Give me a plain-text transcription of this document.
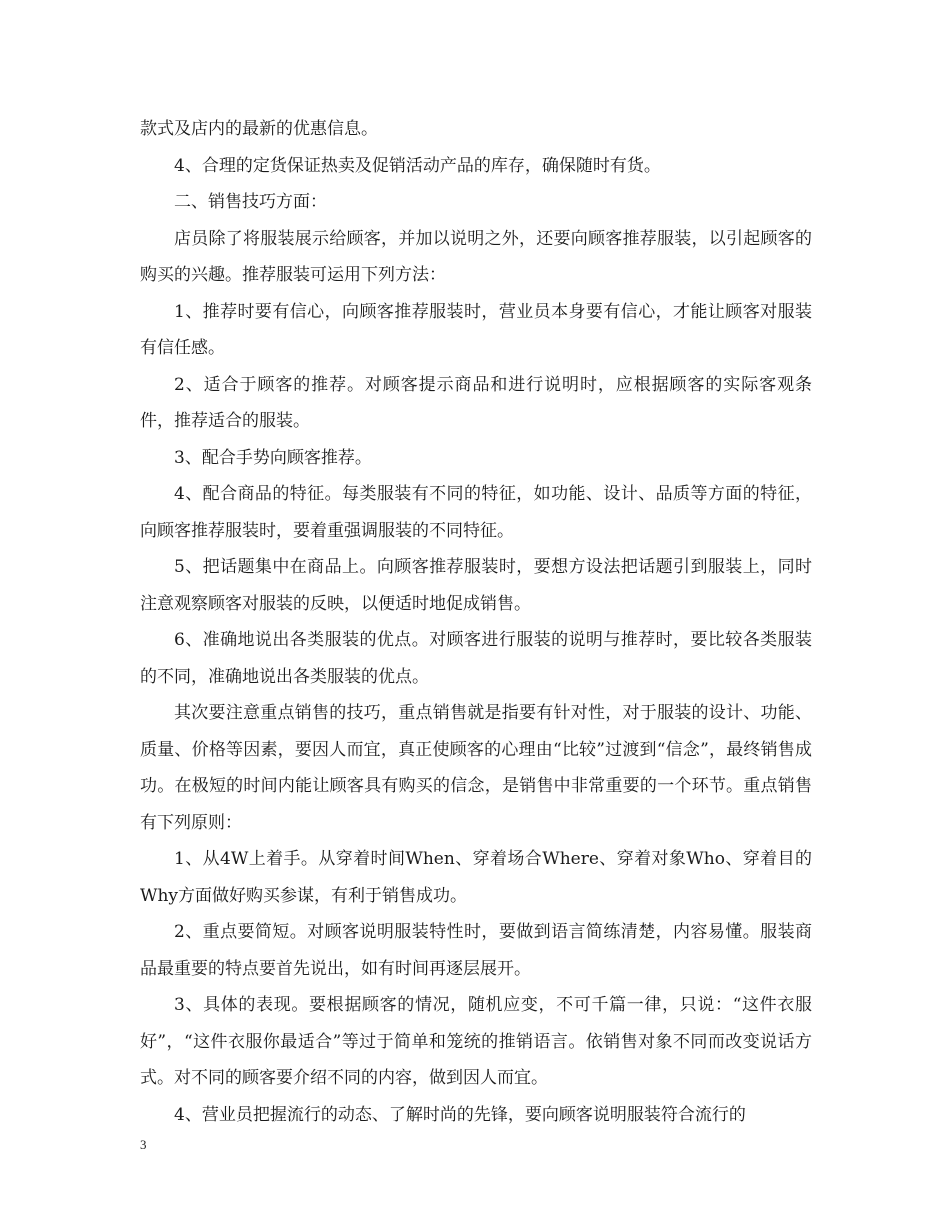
款式及店内的最新的优惠信息。

4、合理的定货保证热卖及促销活动产品的库存，确保随时有货。

二、销售技巧方面：

店员除了将服装展示给顾客，并加以说明之外，还要向顾客推荐服装，以引起顾客的购买的兴趣。推荐服装可运用下列方法：

1、推荐时要有信心，向顾客推荐服装时，营业员本身要有信心，才能让顾客对服装有信任感。

2、适合于顾客的推荐。对顾客提示商品和进行说明时，应根据顾客的实际客观条件，推荐适合的服装。

3、配合手势向顾客推荐。

4、配合商品的特征。每类服装有不同的特征，如功能、设计、品质等方面的特征，向顾客推荐服装时，要着重强调服装的不同特征。

5、把话题集中在商品上。向顾客推荐服装时，要想方设法把话题引到服装上，同时注意观察顾客对服装的反映，以便适时地促成销售。

6、准确地说出各类服装的优点。对顾客进行服装的说明与推荐时，要比较各类服装的不同，准确地说出各类服装的优点。

其次要注意重点销售的技巧，重点销售就是指要有针对性，对于服装的设计、功能、质量、价格等因素，要因人而宜，真正使顾客的心理由“比较”过渡到“信念”，最终销售成功。在极短的时间内能让顾客具有购买的信念，是销售中非常重要的一个环节。重点销售有下列原则：

1、从4W上着手。从穿着时间When、穿着场合Where、穿着对象Who、穿着目的Why方面做好购买参谋，有利于销售成功。

2、重点要简短。对顾客说明服装特性时，要做到语言简练清楚，内容易懂。服装商品最重要的特点要首先说出，如有时间再逐层展开。

3、具体的表现。要根据顾客的情况，随机应变，不可千篇一律，只说：“这件衣服好”，“这件衣服你最适合”等过于简单和笼统的推销语言。依销售对象不同而改变说话方式。对不同的顾客要介绍不同的内容，做到因人而宜。

4、营业员把握流行的动态、了解时尚的先锋，要向顾客说明服装符合流行的

3
